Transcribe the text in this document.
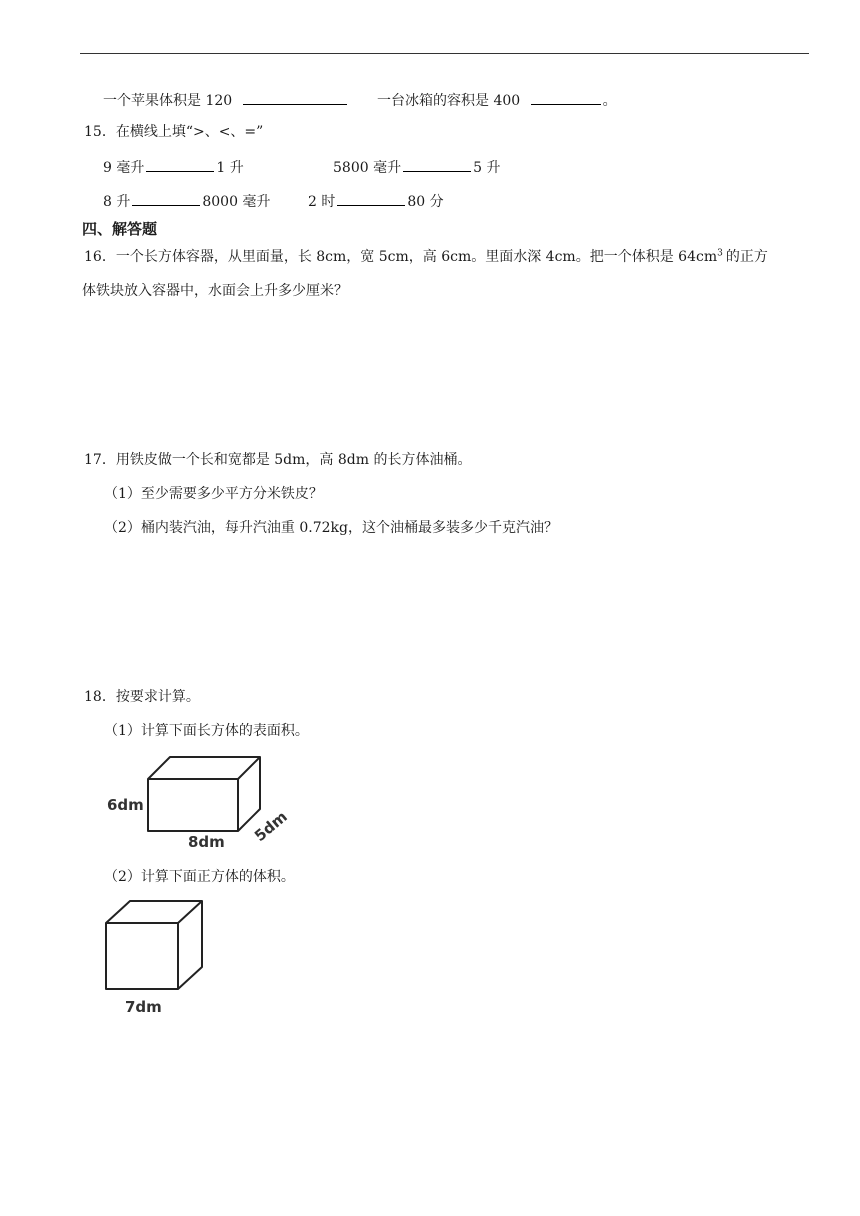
一个苹果体积是 120	一台冰箱的容积是 400	。
15．在横线上填“>、<、=”
9 毫升	1 升	5800 毫升	5 升
8 升	8000 毫升	2 时	80 分
四、解答题
16．一个长方体容器，从里面量，长 8cm，宽 5cm，高 6cm。里面水深 4cm。把一个体积是 $64cm^3$ 的正方
体铁块放入容器中，水面会上升多少厘米？
17．用铁皮做一个长和宽都是 5dm，高 8dm 的长方体油桶。
（1）至少需要多少平方分米铁皮？
（2）桶内装汽油，每升汽油重 0.72kg，这个油桶最多装多少千克汽油？
18．按要求计算。
（1）计算下面长方体的表面积。
6dm
8dm 5dm
（2）计算下面正方体的体积。
7dm
